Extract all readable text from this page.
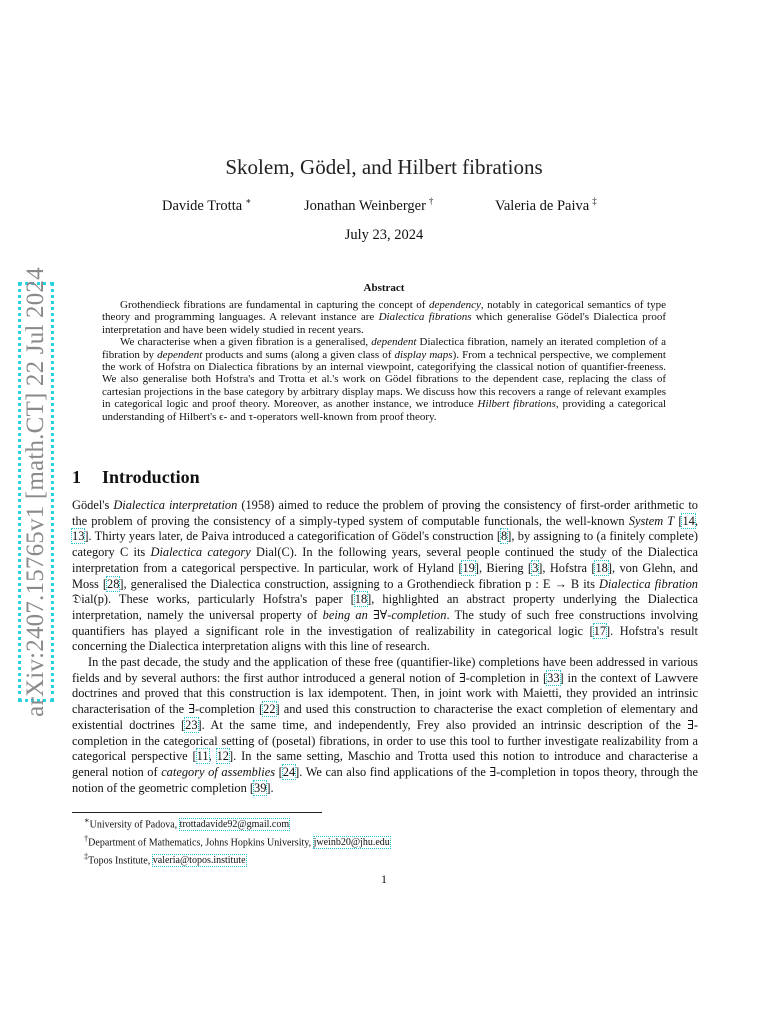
arXiv:2407.15765v1 [math.CT] 22 Jul 2024
Skolem, Gödel, and Hilbert fibrations
Davide Trotta ∗	Jonathan Weinberger †	Valeria de Paiva ‡
July 23, 2024
Abstract

Grothendieck fibrations are fundamental in capturing the concept of dependency, notably in categorical semantics of type theory and programming languages. A relevant instance are Dialectica fibrations which generalise Gödel's Dialectica proof interpretation and have been widely studied in recent years.

We characterise when a given fibration is a generalised, dependent Dialectica fibration, namely an iterated completion of a fibration by dependent products and sums (along a given class of display maps). From a technical perspective, we complement the work of Hofstra on Dialectica fibrations by an internal viewpoint, categorifying the classical notion of quantifier-freeness. We also generalise both Hofstra's and Trotta et al.'s work on Gödel fibrations to the dependent case, replacing the class of cartesian projections in the base category by arbitrary display maps. We discuss how this recovers a range of relevant examples in categorical logic and proof theory. Moreover, as another instance, we introduce Hilbert fibrations, providing a categorical understanding of Hilbert's ϵ- and τ-operators well-known from proof theory.

1 Introduction

Gödel's Dialectica interpretation (1958) aimed to reduce the problem of proving the consistency of first-order arithmetic to the problem of proving the consistency of a simply-typed system of computable functionals, the well-known System T [14, 13]. Thirty years later, de Paiva introduced a categorification of Gödel's construction [8], by assigning to (a finitely complete) category C its Dialectica category Dial(C). In the following years, several people continued the study of the Dialectica interpretation from a categorical perspective. In particular, work of Hyland [19], Biering [3], Hofstra [18], von Glehn, and Moss [28], generalised the Dialectica construction, assigning to a Grothendieck fibration p : E → B its Dialectica fibration 𝔇ial(p). These works, particularly Hofstra's paper [18], highlighted an abstract property underlying the Dialectica interpretation, namely the universal property of being an ∃∀-completion. The study of such free constructions involving quantifiers has played a significant role in the investigation of realizability in categorical logic [17]. Hofstra's result concerning the Dialectica interpretation aligns with this line of research.

In the past decade, the study and the application of these free (quantifier-like) completions have been addressed in various fields and by several authors: the first author introduced a general notion of ∃-completion in [33] in the context of Lawvere doctrines and proved that this construction is lax idempotent. Then, in joint work with Maietti, they provided an intrinsic characterisation of the ∃-completion [22] and used this construction to characterise the exact completion of elementary and existential doctrines [23]. At the same time, and independently, Frey also provided an intrinsic description of the ∃-completion in the categorical setting of (posetal) fibrations, in order to use this tool to further investigate realizability from a categorical perspective [11, 12]. In the same setting, Maschio and Trotta used this notion to introduce and characterise a general notion of category of assemblies [24]. We can also find applications of the ∃-completion in topos theory, through the notion of the geometric completion [39].

∗University of Padova, trottadavide92@gmail.com
†Department of Mathematics, Johns Hopkins University, jweinb20@jhu.edu
‡Topos Institute, valeria@topos.institute
1
